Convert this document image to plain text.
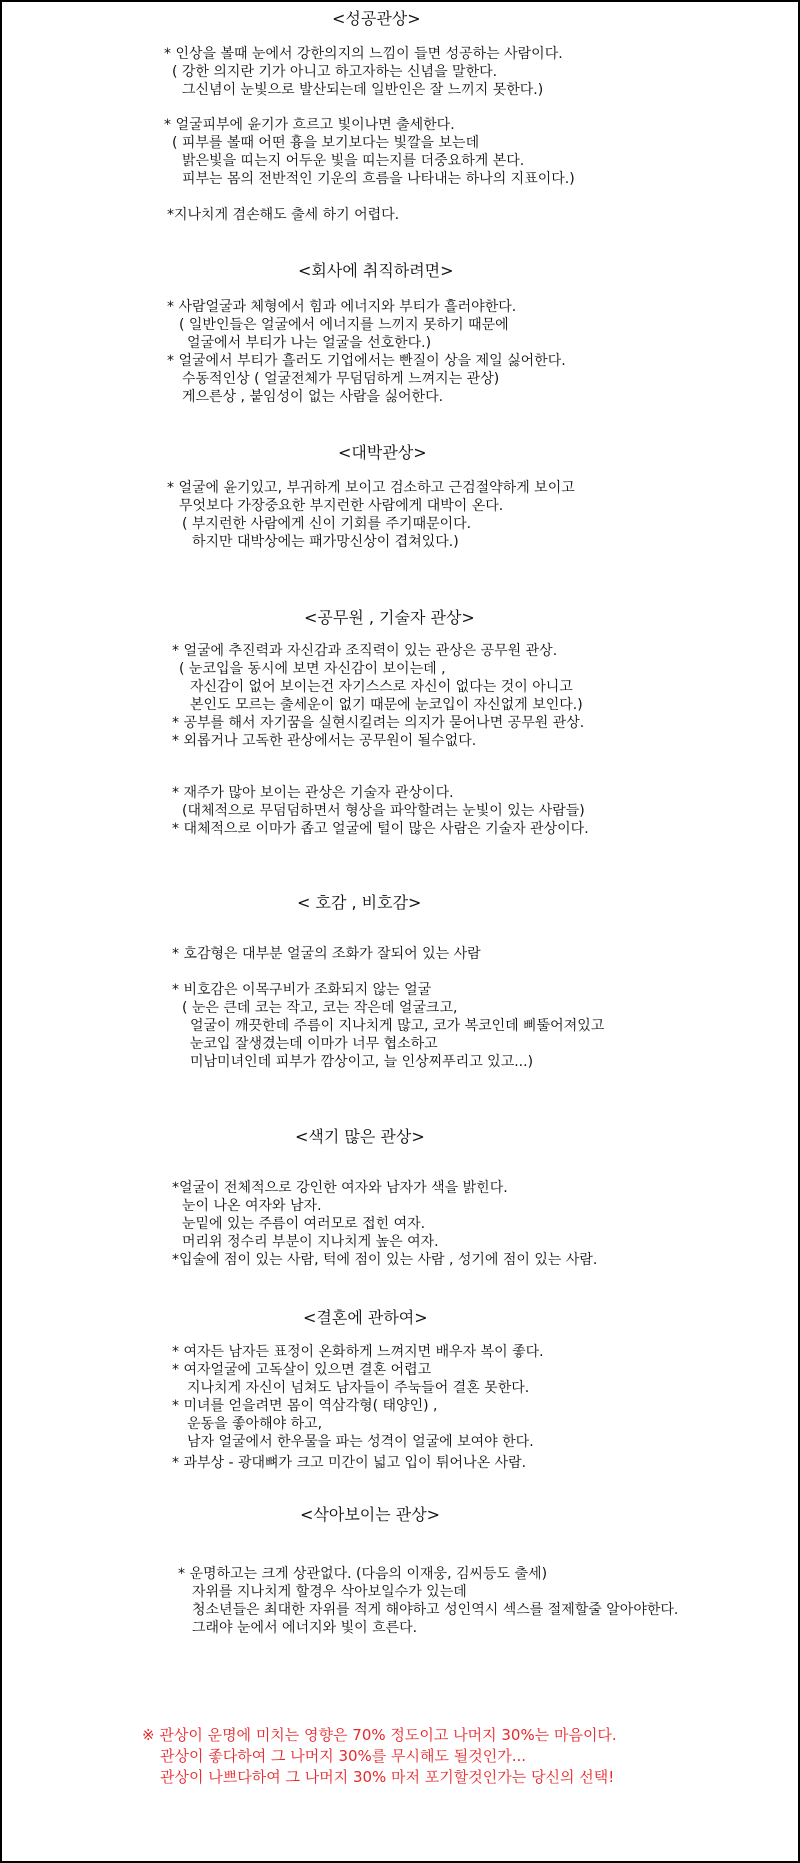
<성공관상>
* 인상을 볼때 눈에서 강한의지의 느낌이 들면 성공하는 사람이다.
( 강한 의지란 기가 아니고 하고자하는 신념을 말한다.
그신념이 눈빛으로 발산되는데 일반인은 잘 느끼지 못한다.)
* 얼굴피부에 윤기가 흐르고 빛이나면 출세한다.
( 피부를 볼때 어떤 흉을 보기보다는 빛깔을 보는데
밝은빛을 띠는지 어두운 빛을 띠는지를 더중요하게 본다.
피부는 몸의 전반적인 기운의 흐름을 나타내는 하나의 지표이다.)
*지나치게 겸손해도 출세 하기 어렵다.
<회사에 취직하려면>
* 사람얼굴과 체형에서 힘과 에너지와 부티가 흘러야한다.
( 일반인들은 얼굴에서 에너지를 느끼지 못하기 때문에
얼굴에서 부티가 나는 얼굴을 선호한다.)
* 얼굴에서 부티가 흘러도 기업에서는 빤질이 상을 제일 싫어한다.
수동적인상 ( 얼굴전체가 무덤덤하게 느껴지는 관상)
게으른상 , 붙임성이 없는 사람을 싫어한다.
<대박관상>
* 얼굴에 윤기있고, 부귀하게 보이고 검소하고 근검절약하게 보이고
무엇보다 가장중요한 부지런한 사람에게 대박이 온다.
( 부지런한 사람에게 신이 기회를 주기때문이다.
하지만 대박상에는 패가망신상이 겹쳐있다.)
<공무원 , 기술자 관상>
* 얼굴에 추진력과 자신감과 조직력이 있는 관상은 공무원 관상.
( 눈코입을 동시에 보면 자신감이 보이는데 ,
자신감이 없어 보이는건 자기스스로 자신이 없다는 것이 아니고
본인도 모르는 출세운이 없기 때문에 눈코입이 자신없게 보인다.)
* 공부를 해서 자기꿈을 실현시킬려는 의지가 묻어나면 공무원 관상.
* 외롭거나 고독한 관상에서는 공무원이 될수없다.
* 재주가 많아 보이는 관상은 기술자 관상이다.
(대체적으로 무덤덤하면서 형상을 파악할려는 눈빛이 있는 사람들)
* 대체적으로 이마가 좁고 얼굴에 털이 많은 사람은 기술자 관상이다.
< 호감 , 비호감>
* 호감형은 대부분 얼굴의 조화가 잘되어 있는 사람
* 비호감은 이목구비가 조화되지 않는 얼굴
( 눈은 큰데 코는 작고, 코는 작은데 얼굴크고,
얼굴이 깨끗한데 주름이 지나치게 많고, 코가 복코인데 삐뚤어져있고
눈코입 잘생겼는데 이마가 너무 협소하고
미남미녀인데 피부가 깜상이고, 늘 인상찌푸리고 있고...)
<색기 많은 관상>
*얼굴이 전체적으로 강인한 여자와 남자가 색을 밝힌다.
눈이 나온 여자와 남자.
눈밑에 있는 주름이 여러모로 접힌 여자.
머리위 정수리 부분이 지나치게 높은 여자.
*입술에 점이 있는 사람, 턱에 점이 있는 사람 , 성기에 점이 있는 사람.
<결혼에 관하여>
* 여자든 남자든 표정이 온화하게 느껴지면 배우자 복이 좋다.
* 여자얼굴에 고독살이 있으면 결혼 어렵고
지나치게 자신이 넘쳐도 남자들이 주눅들어 결혼 못한다.
* 미녀를 얻을려면 몸이 역삼각형( 태양인) ,
운동을 좋아해야 하고,
남자 얼굴에서 한우물을 파는 성격이 얼굴에 보여야 한다.
* 과부상 - 광대뼈가 크고 미간이 넓고 입이 튀어나온 사람.
<삭아보이는 관상>
* 운명하고는 크게 상관없다. (다음의 이재웅, 김씨등도 출세)
자위를 지나치게 할경우 삭아보일수가 있는데
청소년들은 최대한 자위를 적게 해야하고 성인역시 섹스를 절제할줄 알아야한다.
그래야 눈에서 에너지와 빛이 흐른다.
※ 관상이 운명에 미치는 영향은 70% 정도이고 나머지 30%는 마음이다.
관상이 좋다하여 그 나머지 30%를 무시해도 될것인가...
관상이 나쁘다하여 그 나머지 30% 마저 포기할것인가는 당신의 선택!
